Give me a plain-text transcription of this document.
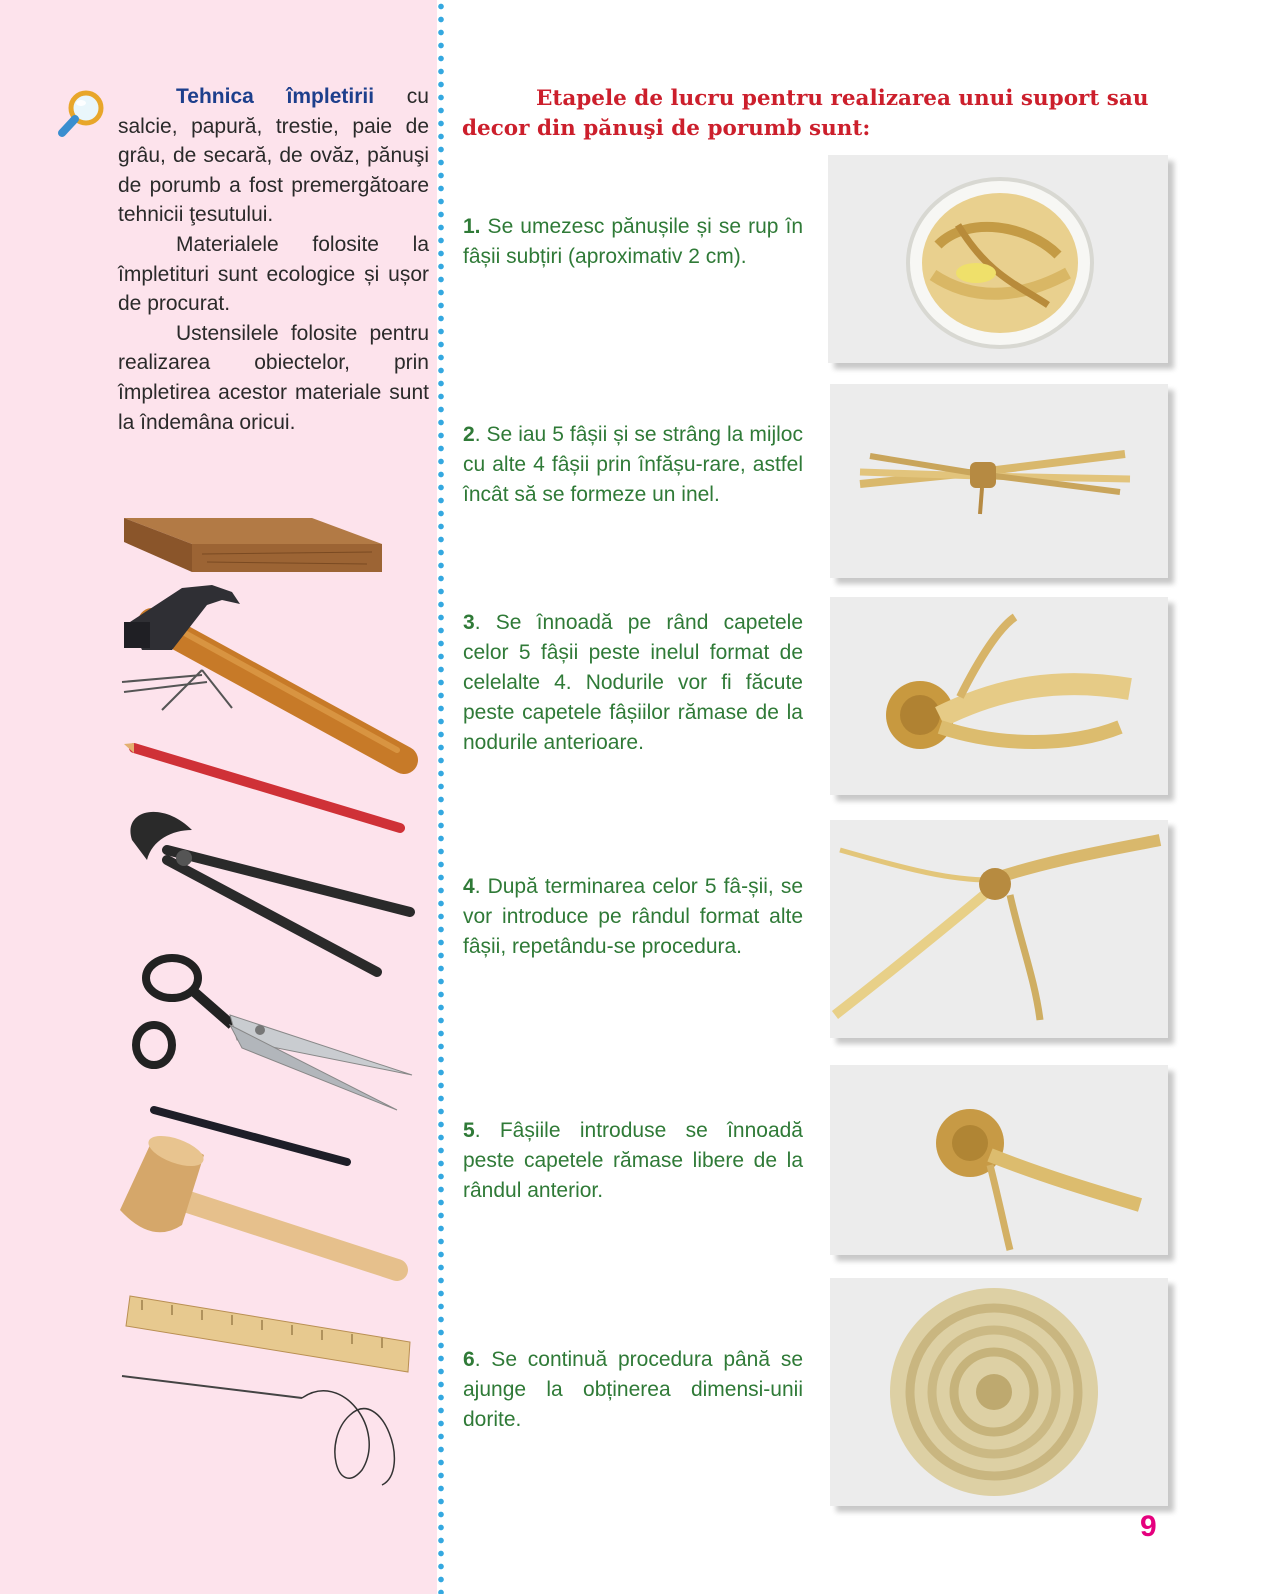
Tehnica împletirii cu salcie, papură, trestie, paie de grâu, de secară, de ovăz, pănuşi de porumb a fost premergătoare tehnicii ţesutului.

Materialele folosite la împletituri sunt ecologice și ușor de procurat.

Ustensilele folosite pentru realizarea obiectelor, prin împletirea acestor materiale sunt la îndemâna oricui.

Etapele de lucru pentru realizarea unui suport sau
decor din pănuşi de porumb sunt:

1. Se umezesc pănușile și se rup în fâșii subțiri (aproximativ 2 cm).

2. Se iau 5 fâșii și se strâng la mijloc cu alte 4 fâșii prin înfășu-rare, astfel încât să se formeze un inel.

3. Se înnoadă pe rând capetele celor 5 fâșii peste inelul format de celelalte 4. Nodurile vor fi făcute peste capetele fâșiilor rămase de la nodurile anterioare.

4. După terminarea celor 5 fâ-șii, se vor introduce pe rândul format alte fâșii, repetându-se procedura.

5. Fâșiile introduse se înnoadă peste capetele rămase libere de la rândul anterior.

6. Se continuă procedura până se ajunge la obținerea dimensi-unii dorite.

9
